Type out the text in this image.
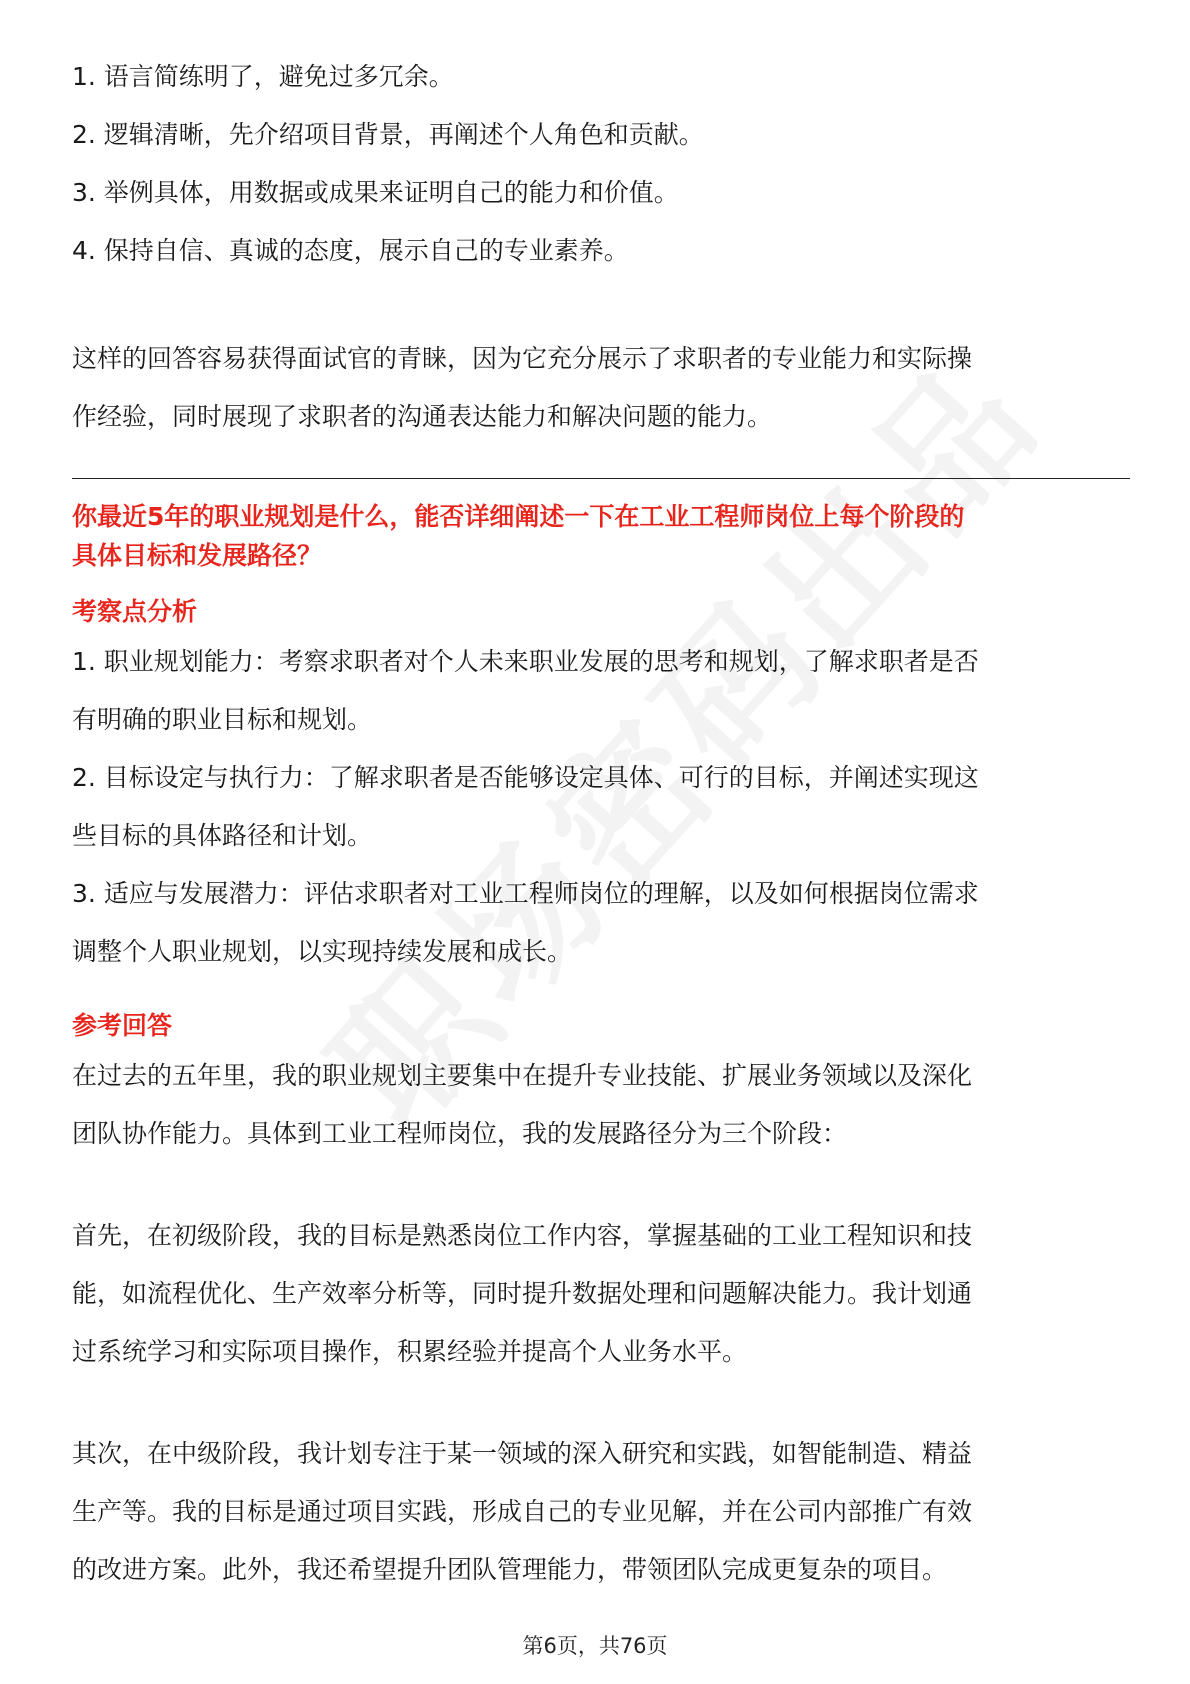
1. 语言简练明了，避免过多冗余。

2. 逻辑清晰，先介绍项目背景，再阐述个人角色和贡献。

3. 举例具体，用数据或成果来证明自己的能力和价值。

4. 保持自信、真诚的态度，展示自己的专业素养。

这样的回答容易获得面试官的青睐，因为它充分展示了求职者的专业能力和实际操

作经验，同时展现了求职者的沟通表达能力和解决问题的能力。

你最近5年的职业规划是什么，能否详细阐述一下在工业工程师岗位上每个阶段的

具体目标和发展路径？

考察点分析

1. 职业规划能力：考察求职者对个人未来职业发展的思考和规划，了解求职者是否

有明确的职业目标和规划。

2. 目标设定与执行力：了解求职者是否能够设定具体、可行的目标，并阐述实现这

些目标的具体路径和计划。

3. 适应与发展潜力：评估求职者对工业工程师岗位的理解，以及如何根据岗位需求

调整个人职业规划，以实现持续发展和成长。

参考回答

在过去的五年里，我的职业规划主要集中在提升专业技能、扩展业务领域以及深化

团队协作能力。具体到工业工程师岗位，我的发展路径分为三个阶段：

首先，在初级阶段，我的目标是熟悉岗位工作内容，掌握基础的工业工程知识和技

能，如流程优化、生产效率分析等，同时提升数据处理和问题解决能力。我计划通

过系统学习和实际项目操作，积累经验并提高个人业务水平。

其次，在中级阶段，我计划专注于某一领域的深入研究和实践，如智能制造、精益

生产等。我的目标是通过项目实践，形成自己的专业见解，并在公司内部推广有效

的改进方案。此外，我还希望提升团队管理能力，带领团队完成更复杂的项目。

第6页，共76页
